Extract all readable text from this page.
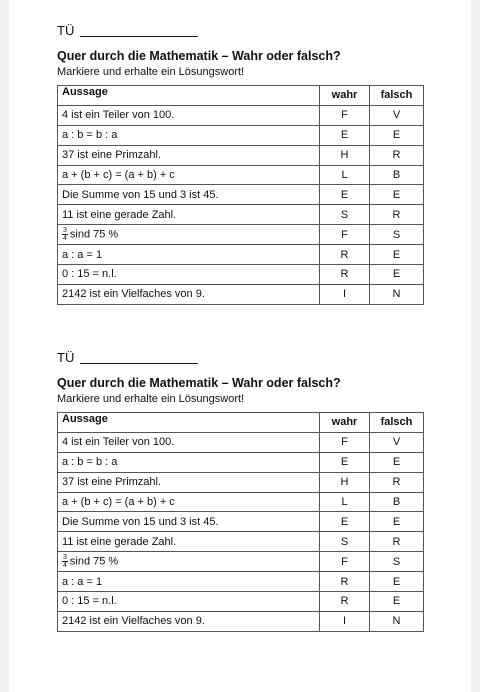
TÜ
Quer durch die Mathematik – Wahr oder falsch?
Markiere und erhalte ein Lösungswort!
Aussage	wahr	falsch
4 ist ein Teiler von 100.	F	V
a : b = b : a	E	E
37 ist eine Primzahl.	H	R
a + (b + c) = (a + b) + c	L	B
Die Summe von 15 und 3 ist 45.	E	E
11 ist eine gerade Zahl.	S	R

$\frac{3}{4}$ sind 75 %	F	S
a : a = 1	R	E
0 : 15 = n.l.	R	E
2142 ist ein Vielfaches von 9.	I	N
TÜ
Quer durch die Mathematik – Wahr oder falsch?
Markiere und erhalte ein Lösungswort!
Aussage	wahr	falsch
4 ist ein Teiler von 100.	F	V
a : b = b : a	E	E
37 ist eine Primzahl.	H	R
a + (b + c) = (a + b) + c	L	B
Die Summe von 15 und 3 ist 45.	E	E
11 ist eine gerade Zahl.	S	R

$\frac{3}{4}$ sind 75 %	F	S
a : a = 1	R	E
0 : 15 = n.l.	R	E
2142 ist ein Vielfaches von 9.	I	N
